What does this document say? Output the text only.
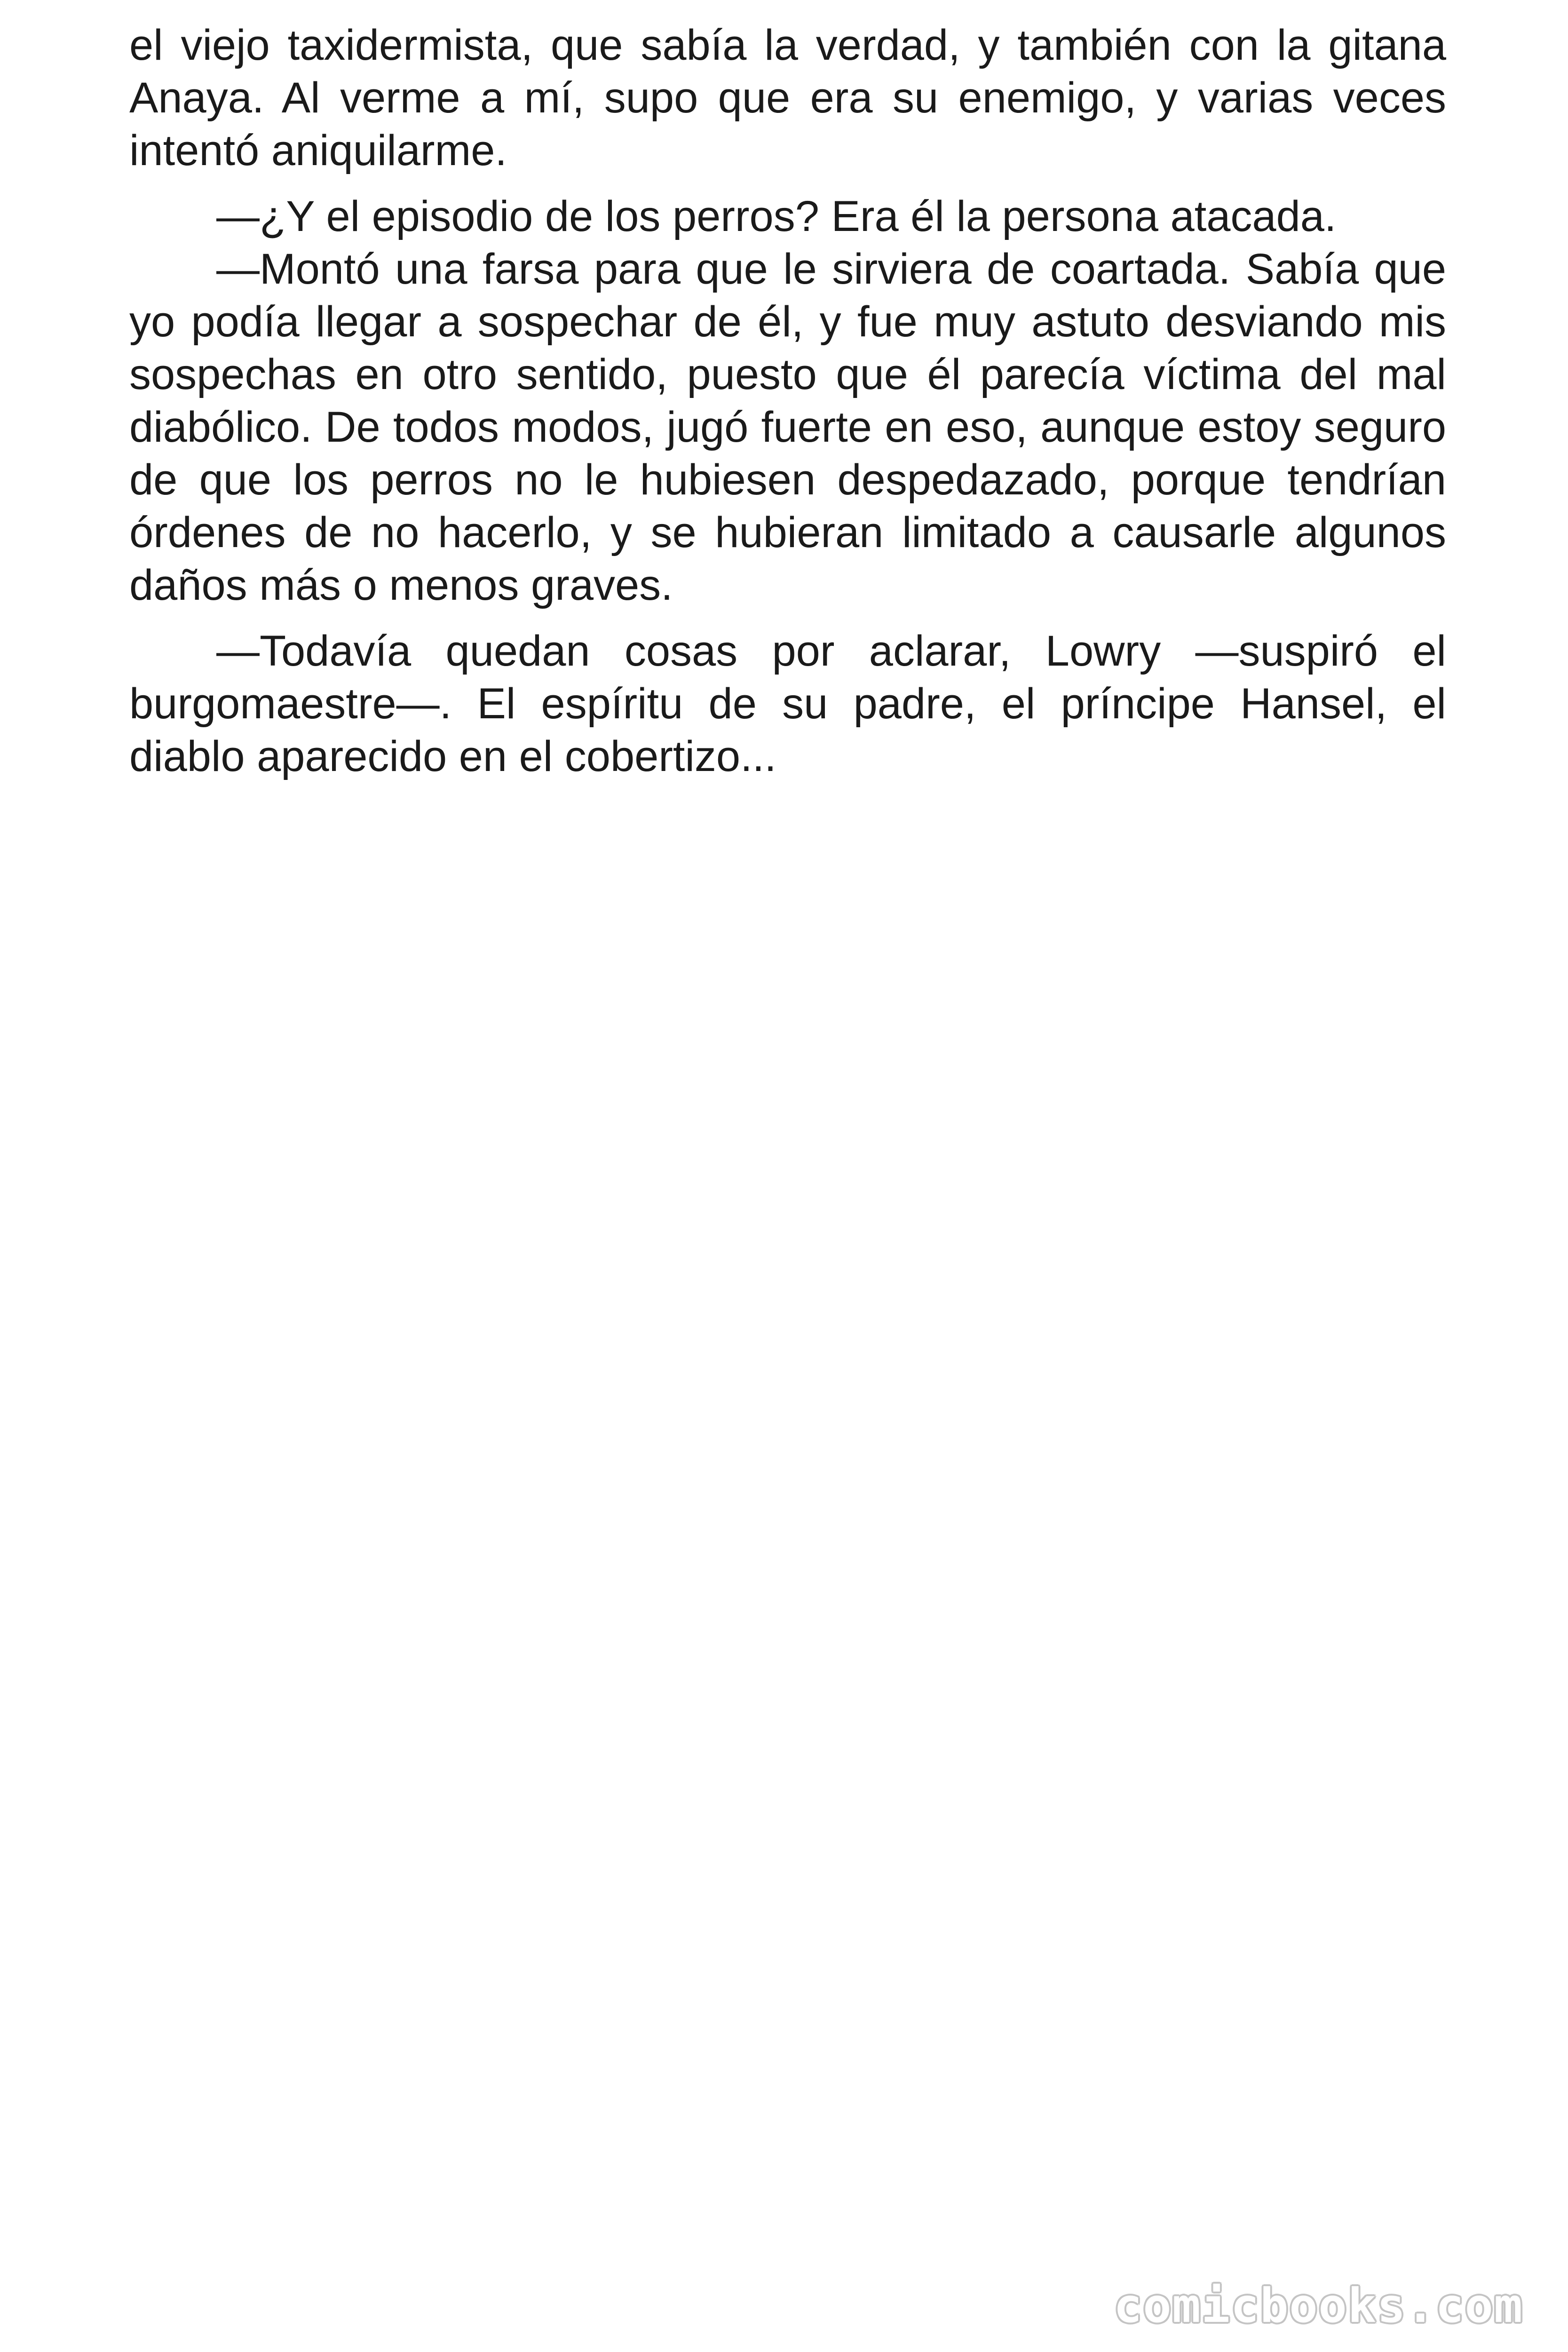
el viejo taxidermista, que sabía la verdad, y también con la gitana Anaya. Al verme a mí, supo que era su enemigo, y varias veces intentó aniquilarme.

—¿Y el episodio de los perros? Era él la persona atacada.

—Montó una farsa para que le sirviera de coartada. Sabía que yo podía llegar a sospechar de él, y fue muy astuto desviando mis sospechas en otro sentido, puesto que él parecía víctima del mal diabólico. De todos modos, jugó fuerte en eso, aunque estoy seguro de que los perros no le hubiesen despedazado, porque tendrían órdenes de no hacerlo, y se hubieran limitado a causarle algunos daños más o menos graves.

—Todavía quedan cosas por aclarar, Lowry —suspiró el burgomaestre—. El espíritu de su padre, el príncipe Hansel, el diablo aparecido en el cobertizo...

comicbooks.com
